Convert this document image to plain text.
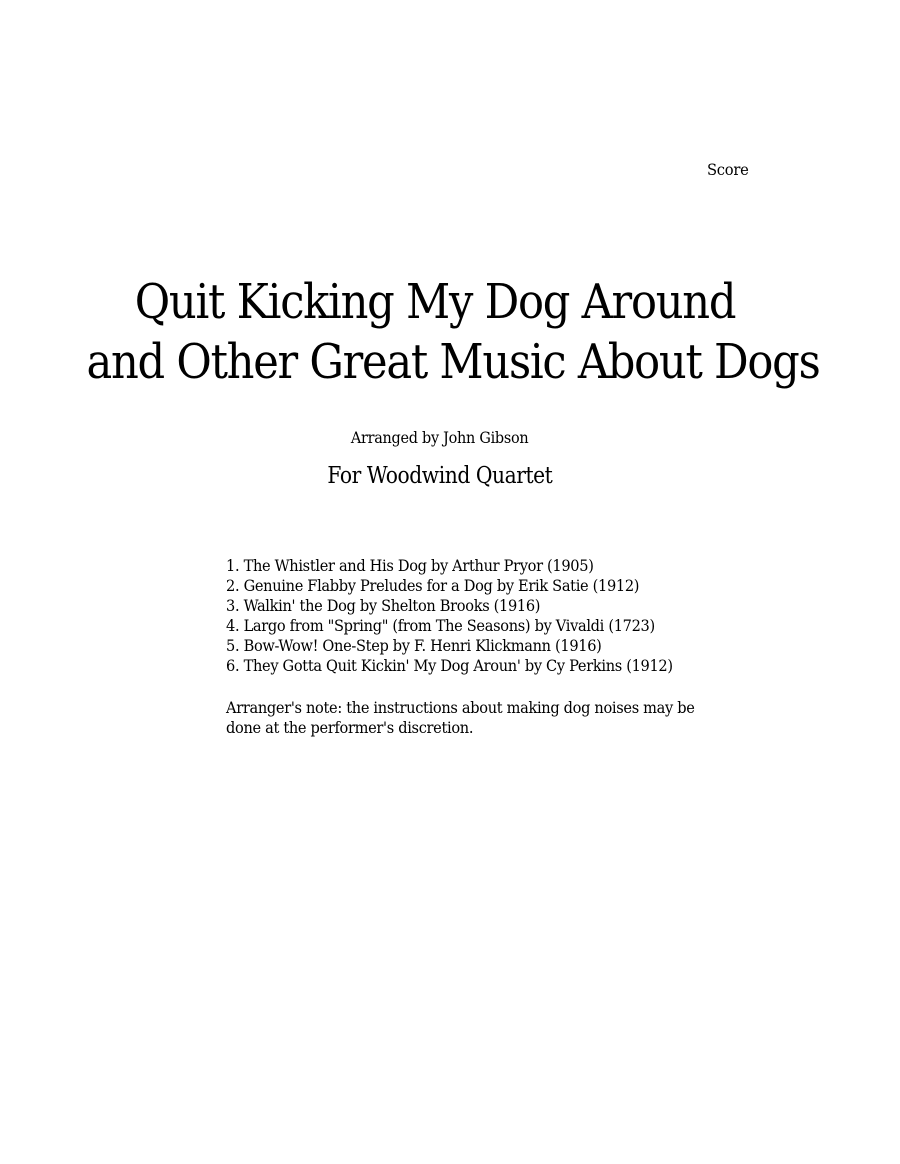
Score
Quit Kicking My Dog Around
and Other Great Music About Dogs
Arranged by John Gibson
For Woodwind Quartet
1. The Whistler and His Dog by Arthur Pryor (1905)
2. Genuine Flabby Preludes for a Dog by Erik Satie (1912)
3. Walkin' the Dog by Shelton Brooks (1916)
4. Largo from "Spring" (from The Seasons) by Vivaldi (1723)
5. Bow-Wow! One-Step by F. Henri Klickmann (1916)
6. They Gotta Quit Kickin' My Dog Aroun' by Cy Perkins (1912)
Arranger's note: the instructions about making dog noises may be
done at the performer's discretion.
